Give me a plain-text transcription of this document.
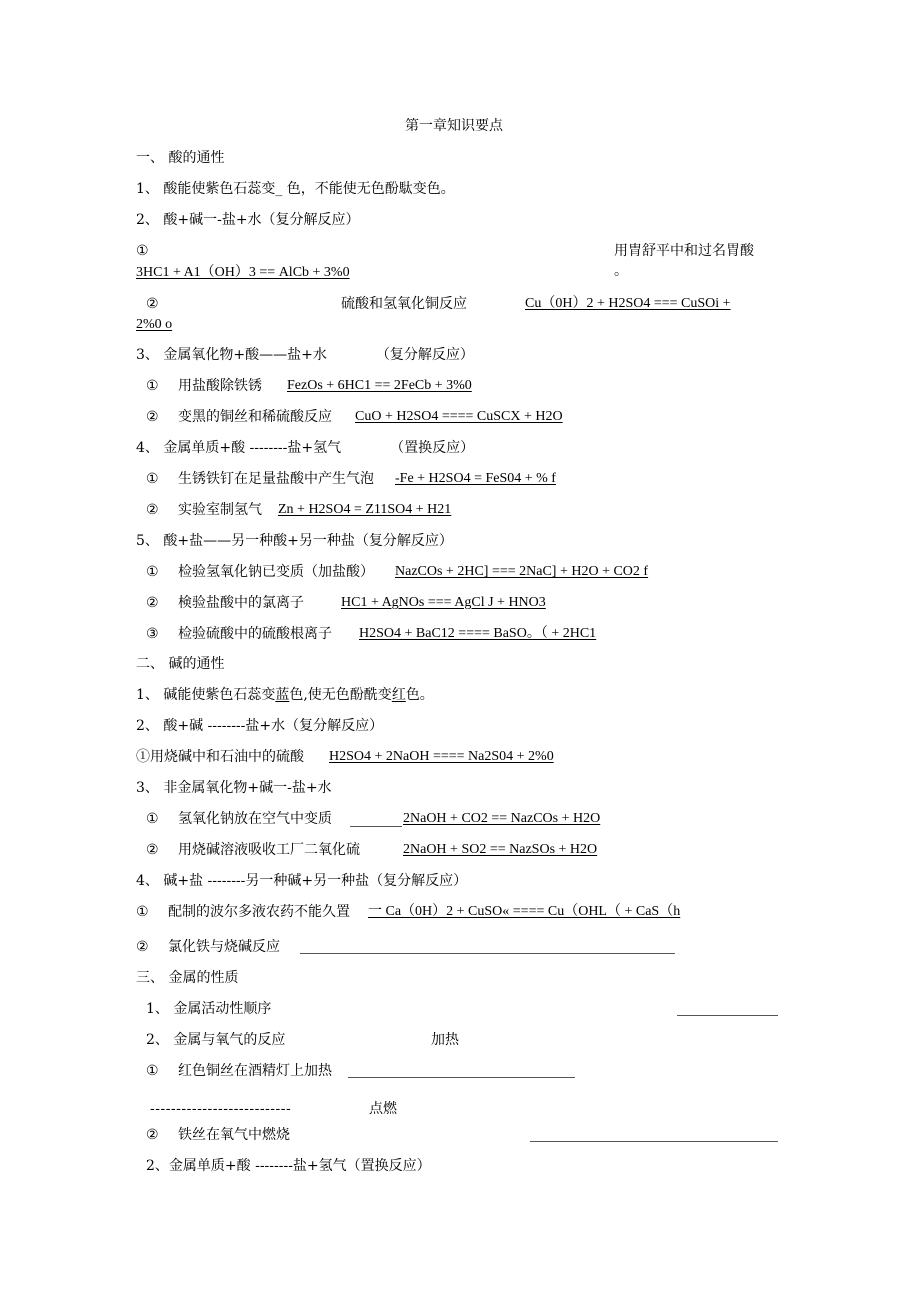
第一章知识要点
一、 酸的通性
1、 酸能使紫色石蕊变_ 色，不能使无色酚駄变色。
2、 酸+碱一-盐+水（复分解反应）
①	用胄舒平中和过名胃酸
。
3HC1 + A1（OH）3 == AlCb + 3%0
②	硫酸和氢氧化铜反应	Cu（0H）2 + H2SO4 === CuSOi +
2%0 o
3、 金属氧化物+酸——盐+水　　　　（复分解反应）
① 用盐酸除铁锈 FezOs + 6HC1 == 2FeCb + 3%0
② 变黑的铜丝和稀硫酸反应 CuO + H2SO4 ==== CuSCX + H2O
4、 金属单质+酸 --------盐+氢气　　　　（置换反应）
① 生锈铁钉在足量盐酸中产生气泡 -Fe + H2SO4 = FeS04 + % f
② 实验室制氢气 Zn + H2SO4 = Z11SO4 + H21
5、 酸+盐——另一种酸+另一种盐（复分解反应）
① 检验氢氧化钠已变质（加盐酸） NazCOs + 2HC] === 2NaC] + H2O + CO2 f
② 検验盐酸中的氯离子	HC1 + AgNOs === AgCl J + HNO3
③ 检验硫酸中的硫酸根离子 H2SO4 + BaC12 ==== BaSO。（ + 2HC1
二、 碱的通性
1、 碱能使紫色石蕊变蓝色,使无色酚酰变红色。
2、 酸+碱 --------盐+水（复分解反应）
①用烧碱中和石油中的硫酸 H2SO4 + 2NaOH ==== Na2S04 + 2%0
3、 非金属氧化物+碱一-盐+水
① 氢氧化钠放在空气中变质	2NaOH + CO2 == NazCOs + H2O
② 用烧碱溶液吸收工厂二氧化硫	2NaOH + SO2 == NazSOs + H2O
4、 碱+盐 --------另一种碱+另一种盐（复分解反应）
① 配制的波尔多液农药不能久置 一 Ca（0H）2 + CuSO« ==== Cu（OHL（ + CaS（h
② 氯化铁与烧碱反应
三、 金属的性质
1、 金属活动性顺序
2、 金属与氧气的反应	加热
① 红色铜丝在酒精灯上加热
---------------------------	点燃
② 铁丝在氧气中燃烧
2、金属单质+酸 --------盐+氢气（置换反应）
